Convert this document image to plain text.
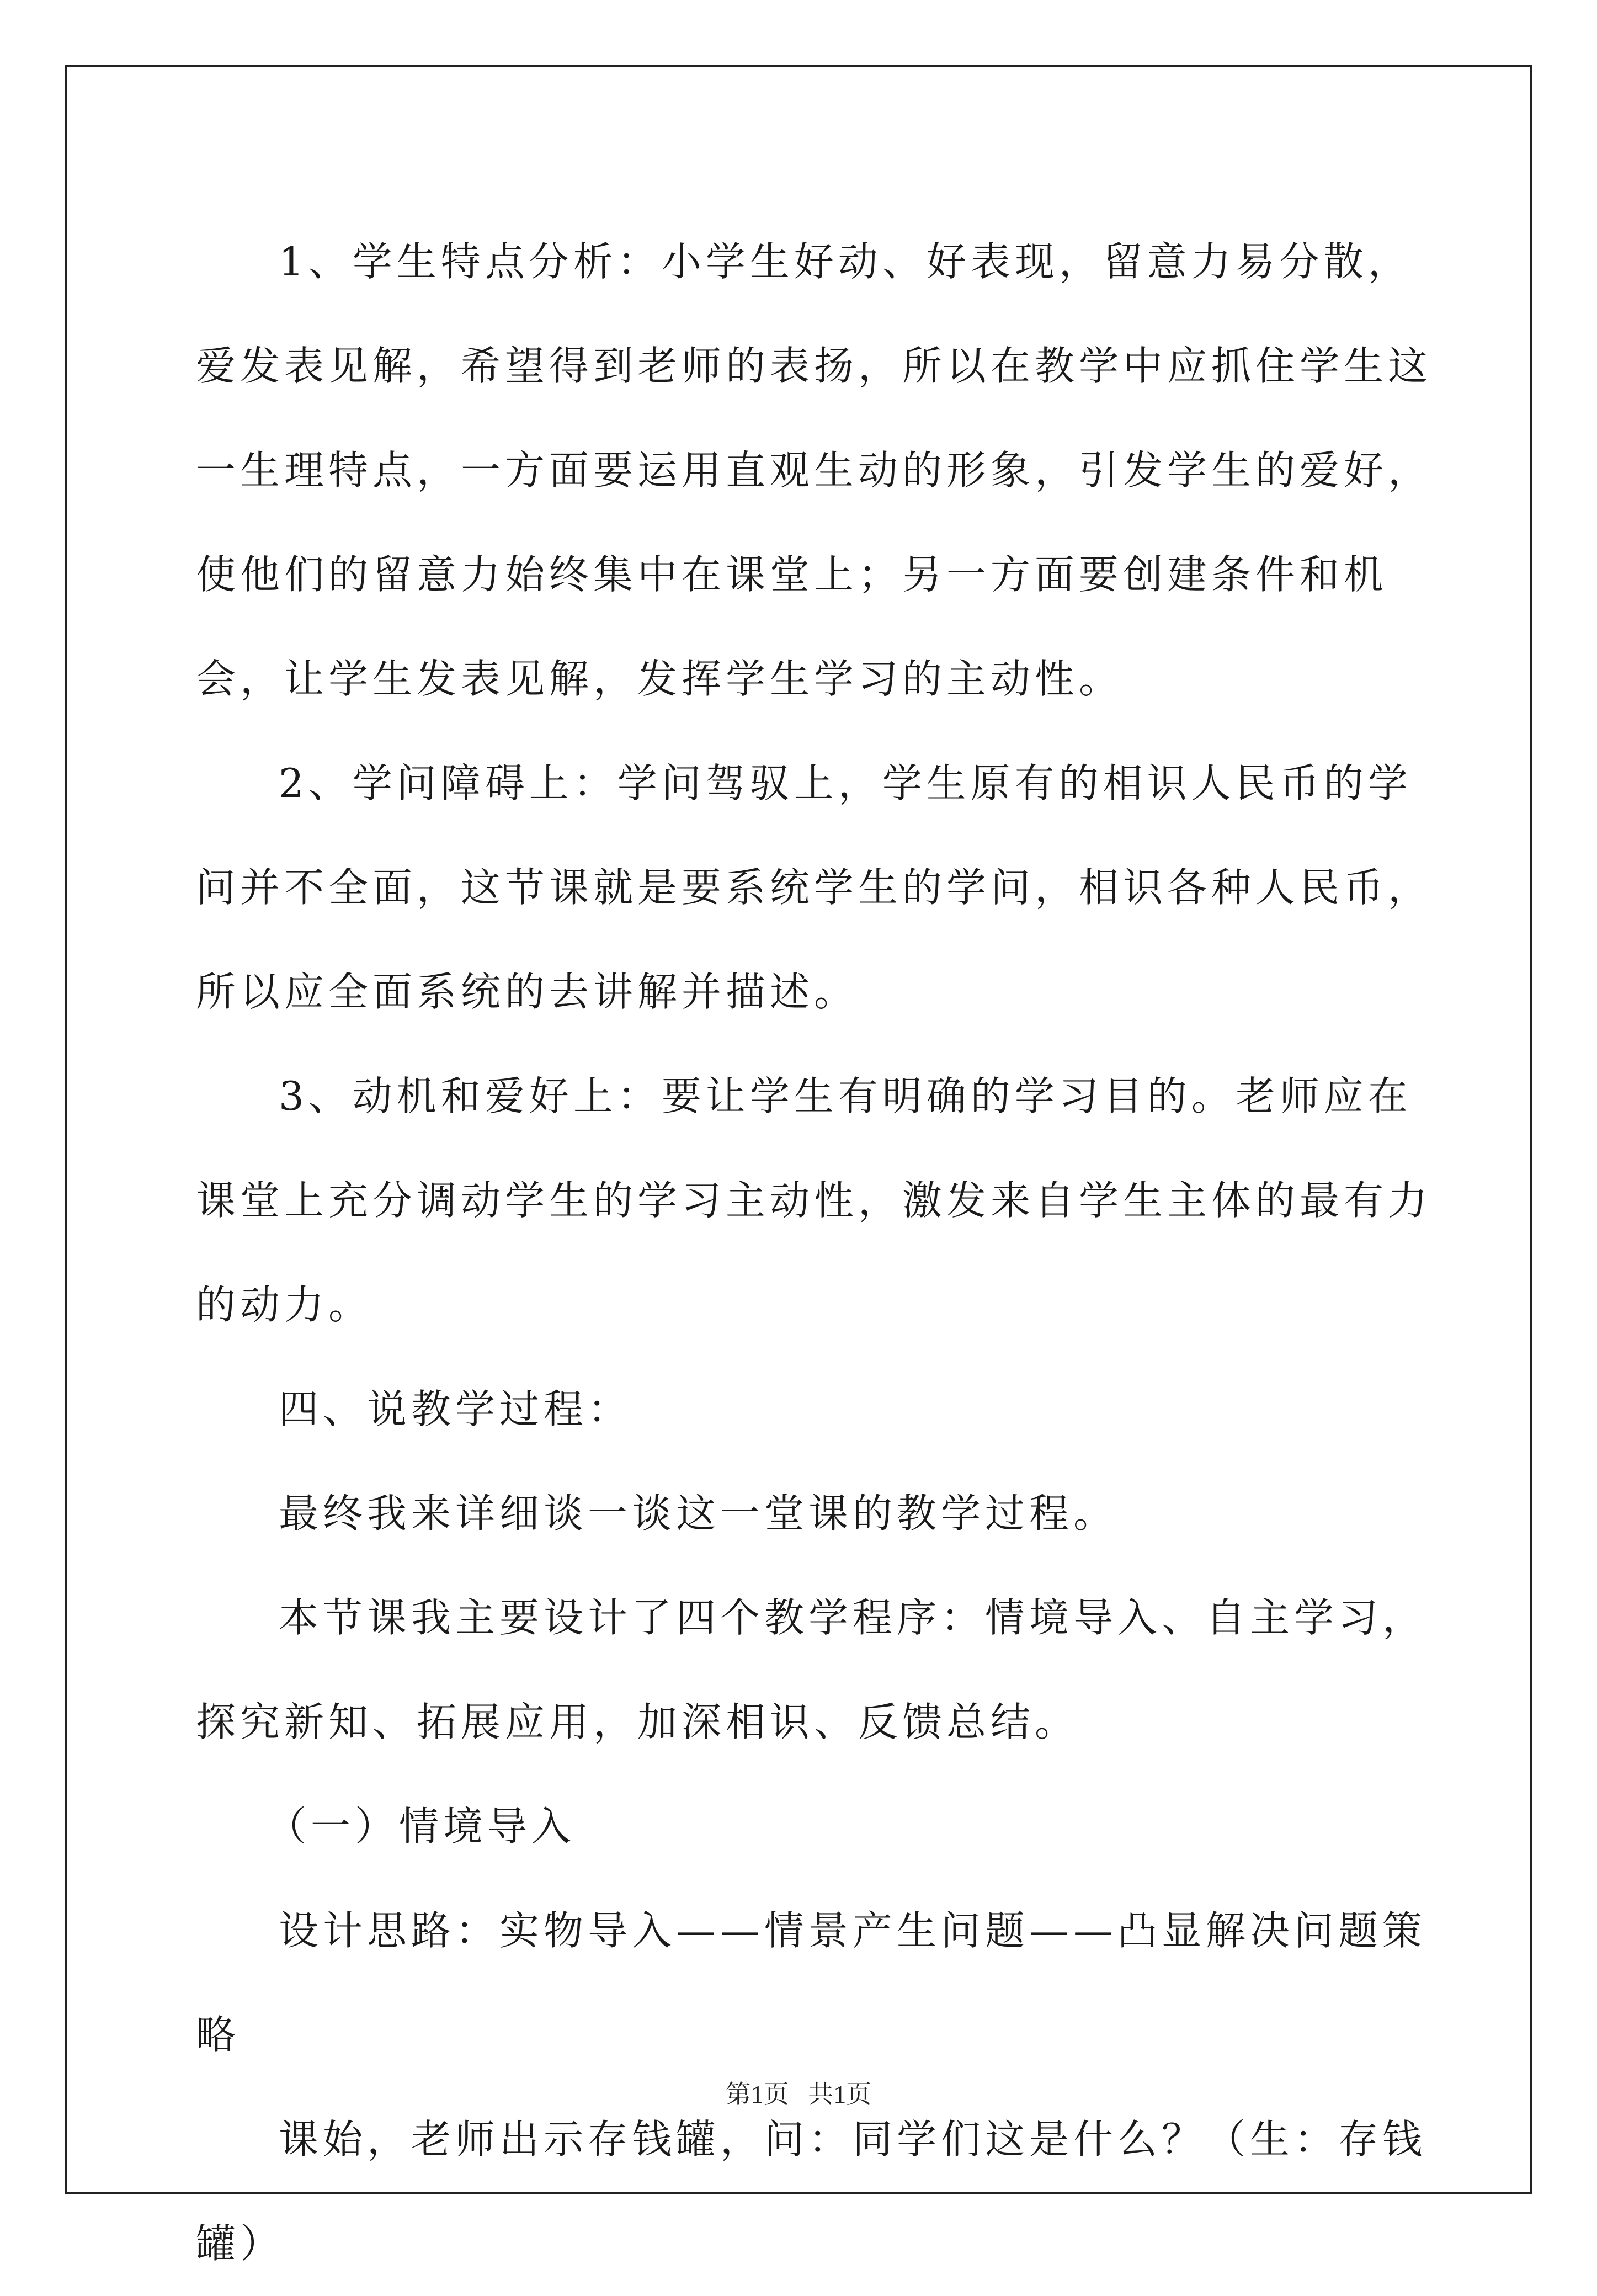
1、学生特点分析：小学生好动、好表现，留意力易分散，爱发表见解，希望得到老师的表扬，所以在教学中应抓住学生这一生理特点，一方面要运用直观生动的形象，引发学生的爱好，使他们的留意力始终集中在课堂上；另一方面要创建条件和机会，让学生发表见解，发挥学生学习的主动性。

2、学问障碍上：学问驾驭上，学生原有的相识人民币的学问并不全面，这节课就是要系统学生的学问，相识各种人民币，所以应全面系统的去讲解并描述。

3、动机和爱好上：要让学生有明确的学习目的。老师应在课堂上充分调动学生的学习主动性，激发来自学生主体的最有力的动力。

四、说教学过程：

最终我来详细谈一谈这一堂课的教学过程。

本节课我主要设计了四个教学程序：情境导入、自主学习，探究新知、拓展应用，加深相识、反馈总结。

（一）情境导入

设计思路：实物导入——情景产生问题——凸显解决问题策略

课始，老师出示存钱罐，问：同学们这是什么？（生：存钱罐）

第1页   共1页
